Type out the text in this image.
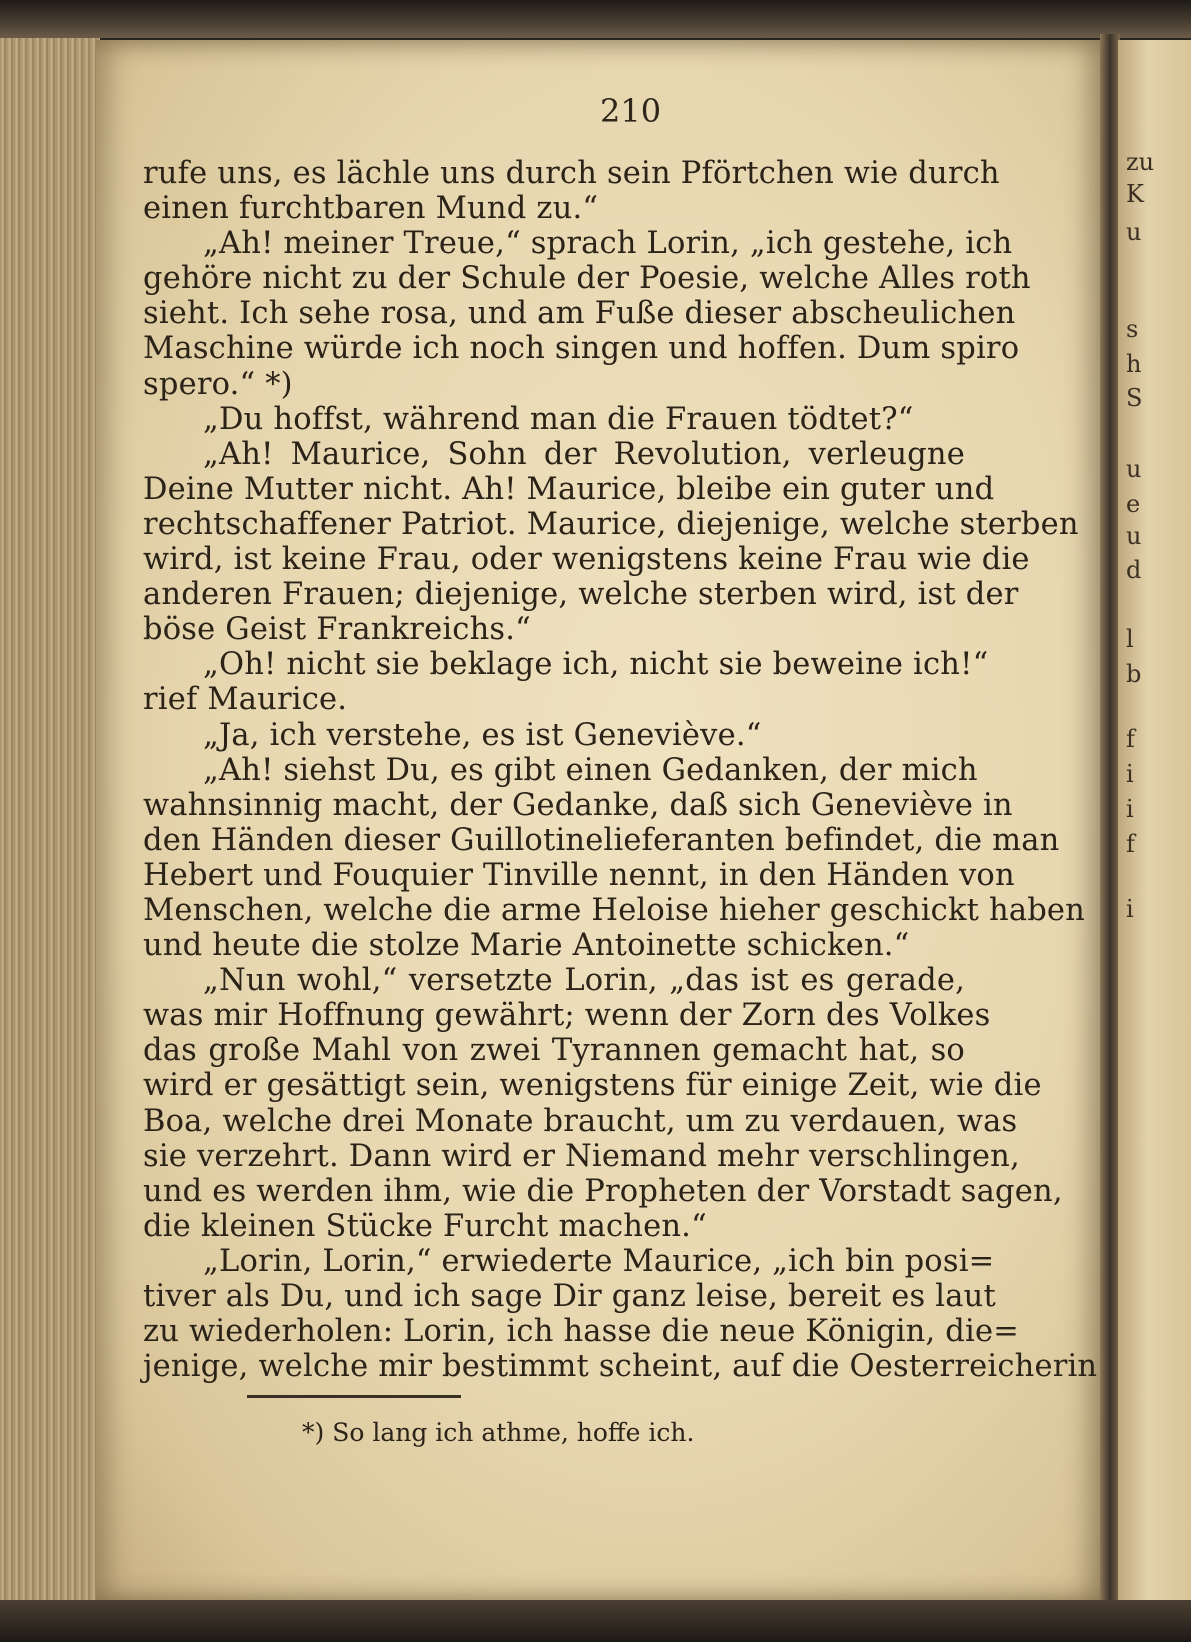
210
rufe uns, es lächle uns durch sein Pförtchen wie durch
einen furchtbaren Mund zu.“
„Ah! meiner Treue,“ sprach Lorin, „ich gestehe, ich
gehöre nicht zu der Schule der Poesie, welche Alles roth
sieht. Ich sehe rosa, und am Fuße dieser abscheulichen
Maschine würde ich noch singen und hoffen. Dum spiro
spero.“ *)
„Du hoffst, während man die Frauen tödtet?“
„Ah! Maurice, Sohn der Revolution, verleugne
Deine Mutter nicht. Ah! Maurice, bleibe ein guter und
rechtschaffener Patriot. Maurice, diejenige, welche sterben
wird, ist keine Frau, oder wenigstens keine Frau wie die
anderen Frauen; diejenige, welche sterben wird, ist der
böse Geist Frankreichs.“
„Oh! nicht sie beklage ich, nicht sie beweine ich!“
rief Maurice.
„Ja, ich verstehe, es ist Geneviève.“
„Ah! siehst Du, es gibt einen Gedanken, der mich
wahnsinnig macht, der Gedanke, daß sich Geneviève in
den Händen dieser Guillotinelieferanten befindet, die man
Hebert und Fouquier Tinville nennt, in den Händen von
Menschen, welche die arme Heloise hieher geschickt haben
und heute die stolze Marie Antoinette schicken.“
„Nun wohl,“ versetzte Lorin, „das ist es gerade,
was mir Hoffnung gewährt; wenn der Zorn des Volkes
das große Mahl von zwei Tyrannen gemacht hat, so
wird er gesättigt sein, wenigstens für einige Zeit, wie die
Boa, welche drei Monate braucht, um zu verdauen, was
sie verzehrt. Dann wird er Niemand mehr verschlingen,
und es werden ihm, wie die Propheten der Vorstadt sagen,
die kleinen Stücke Furcht machen.“
„Lorin, Lorin,“ erwiederte Maurice, „ich bin posi=
tiver als Du, und ich sage Dir ganz leise, bereit es laut
zu wiederholen: Lorin, ich hasse die neue Königin, die=
jenige, welche mir bestimmt scheint, auf die Oesterreicherin
*) So lang ich athme, hoffe ich.
zu
K
u
s
h
S
u
e
u
d
l
b
f
i
i
f
i
